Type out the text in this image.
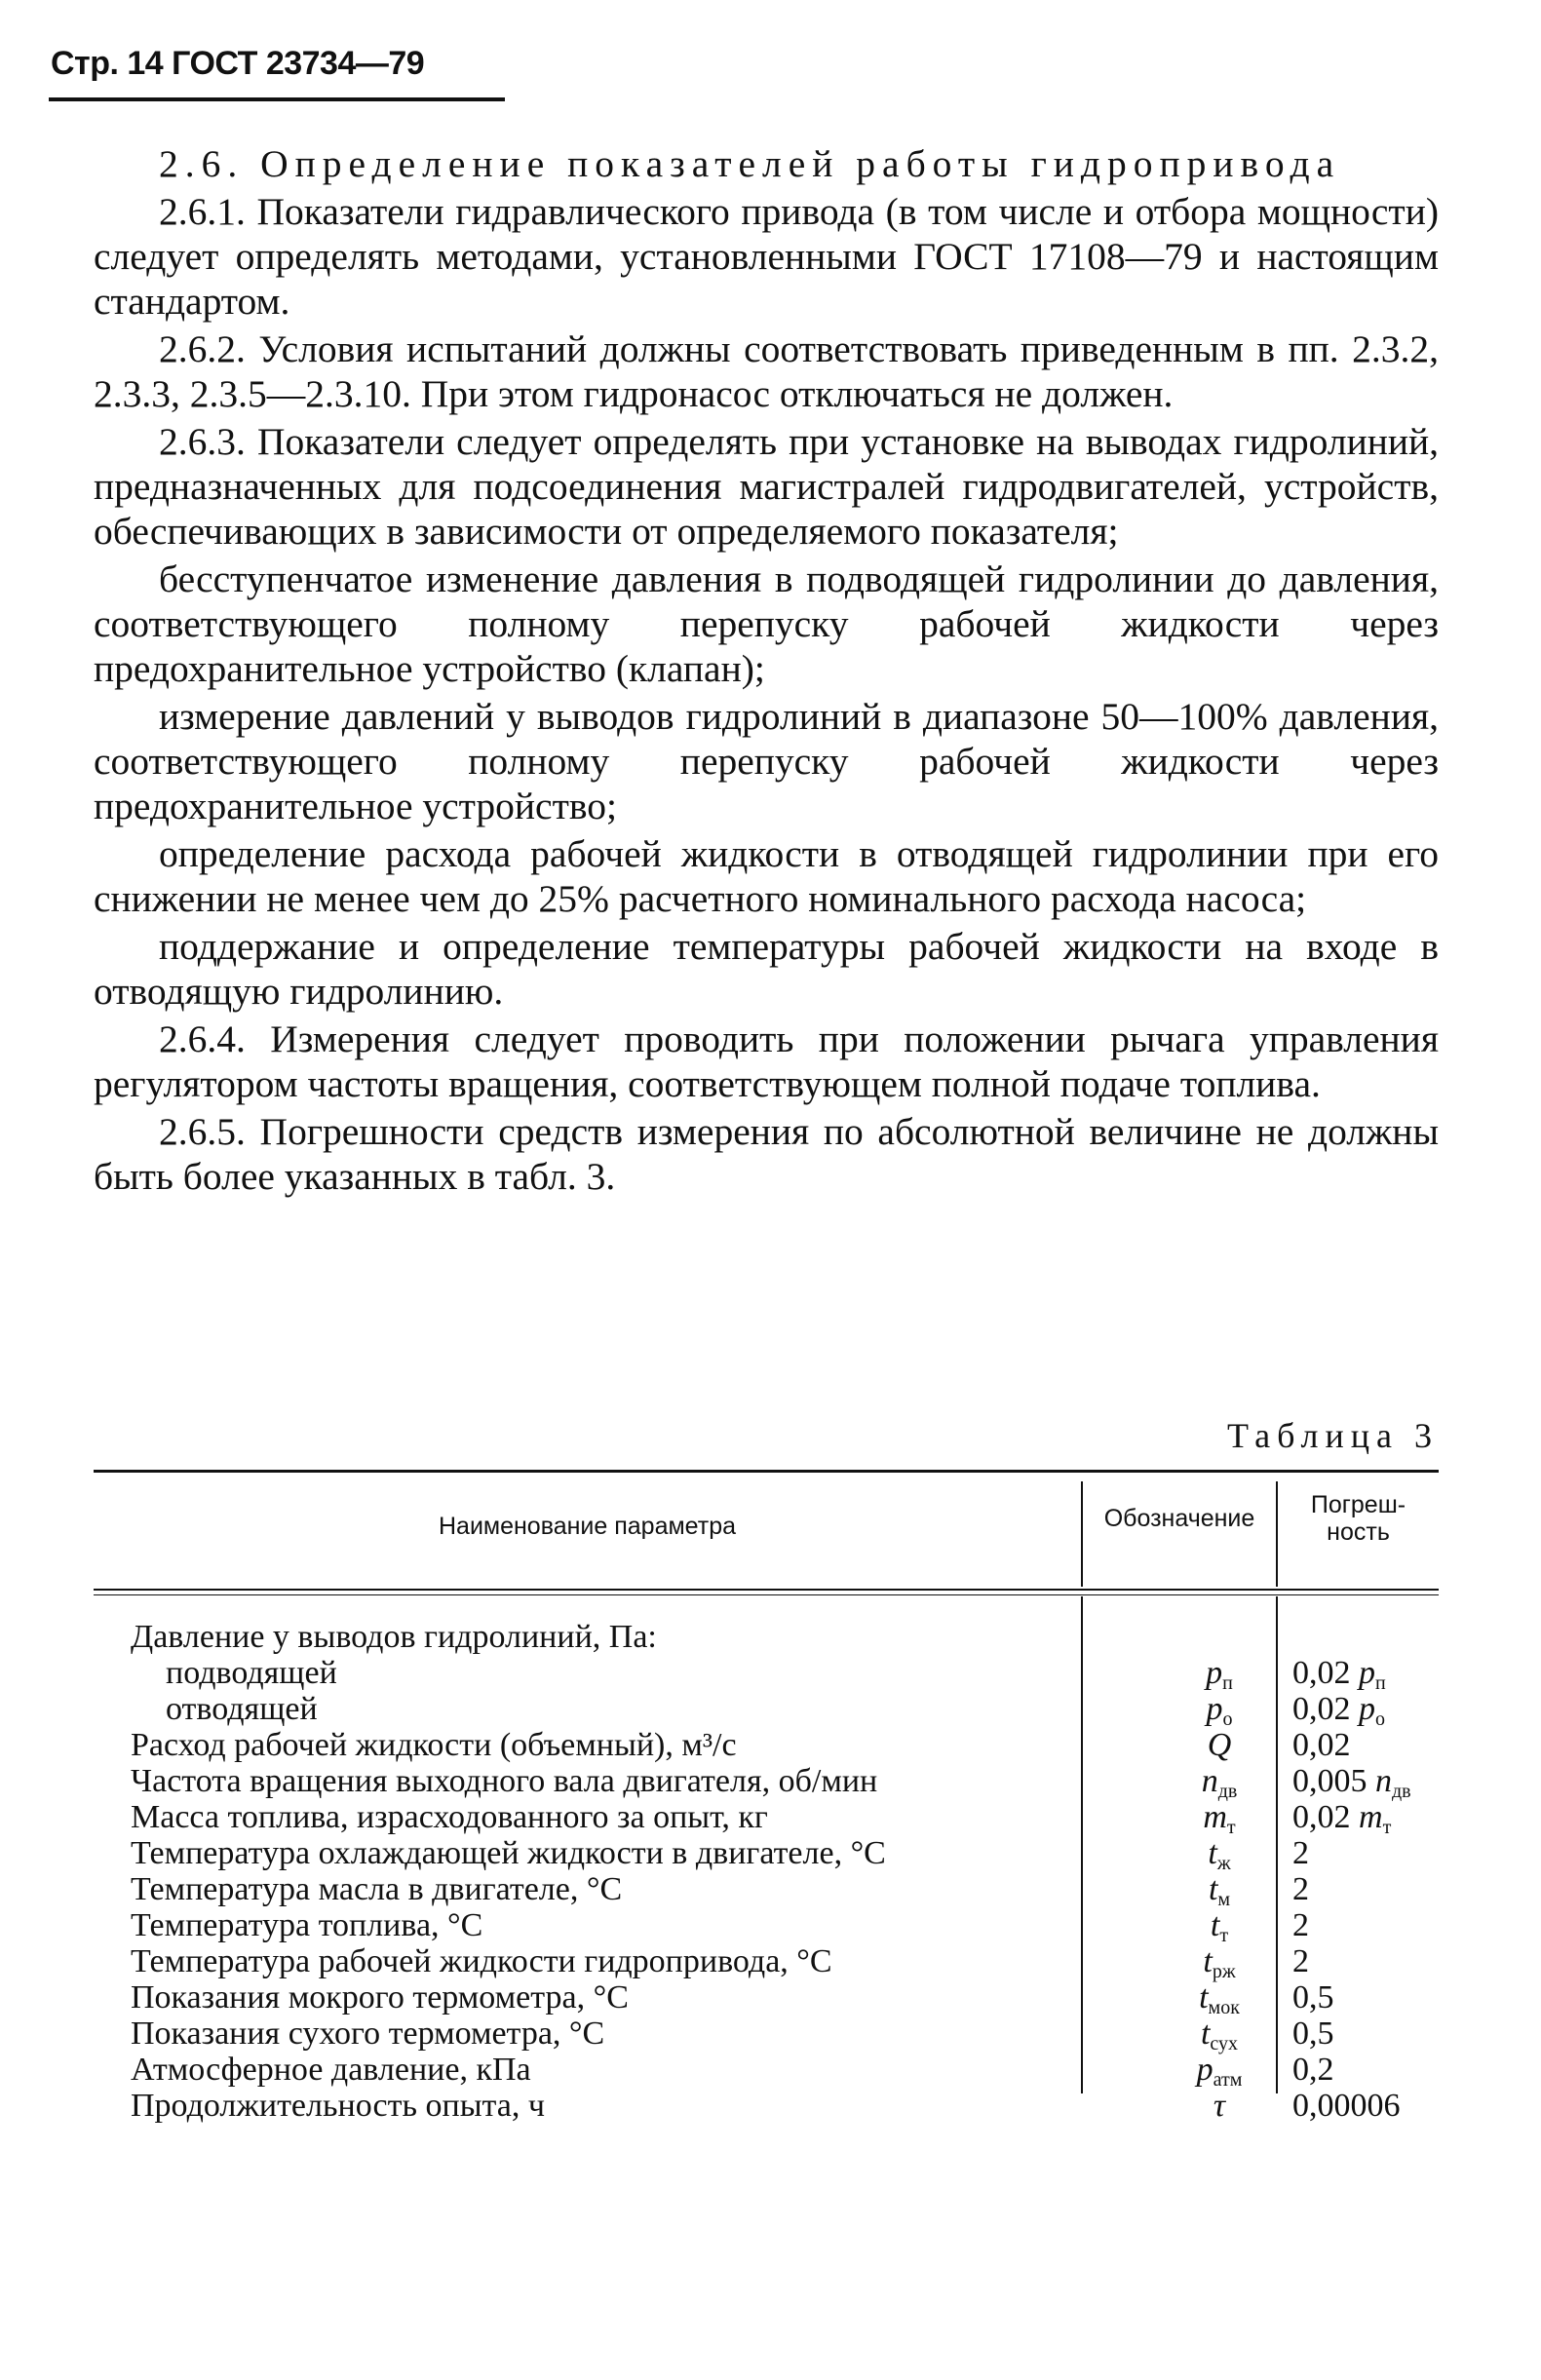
Стр. 14 ГОСТ 23734—79

2.6. Определение показателей работы гидропривода

2.6.1. Показатели гидравлического привода (в том числе и отбора мощности) следует определять методами, установленными ГОСТ 17108—79 и настоящим стандартом.

2.6.2. Условия испытаний должны соответствовать приведенным в пп. 2.3.2, 2.3.3, 2.3.5—2.3.10. При этом гидронасос отключаться не должен.

2.6.3. Показатели следует определять при установке на выводах гидролиний, предназначенных для подсоединения магистралей гидродвигателей, устройств, обеспечивающих в зависимости от определяемого показателя;

бесступенчатое изменение давления в подводящей гидролинии до давления, соответствующего полному перепуску рабочей жидкости через предохранительное устройство (клапан);

измерение давлений у выводов гидролиний в диапазоне 50—100% давления, соответствующего полному перепуску рабочей жидкости через предохранительное устройство;

определение расхода рабочей жидкости в отводящей гидролинии при его снижении не менее чем до 25% расчетного номинального расхода насоса;

поддержание и определение температуры рабочей жидкости на входе в отводящую гидролинию.

2.6.4. Измерения следует проводить при положении рычага управления регулятором частоты вращения, соответствующем полной подаче топлива.

2.6.5. Погрешности средств измерения по абсолютной величине не должны быть более указанных в табл. 3.

Таблица 3
Наименование параметра	Обозначение	Погреш-
ность
Давление у выводов гидролиний, Па:
подводящей	pп	0,02 pп
отводящей	pо	0,02 pо
Расход рабочей жидкости (объемный), м³/с	Q	0,02
Частота вращения выходного вала двигателя, об/мин	nдв	0,005 nдв
Масса топлива, израсходованного за опыт, кг	mт	0,02 mт
Температура охлаждающей жидкости в двигателе, °С	tж	2
Температура масла в двигателе, °С	tм	2
Температура топлива, °С	tт	2
Температура рабочей жидкости гидропривода, °С	tрж	2
Показания мокрого термометра, °С	tмок	0,5
Показания сухого термометра, °С	tсух	0,5
Атмосферное давление, кПа	pатм	0,2
Продолжительность опыта, ч	τ	0,00006
